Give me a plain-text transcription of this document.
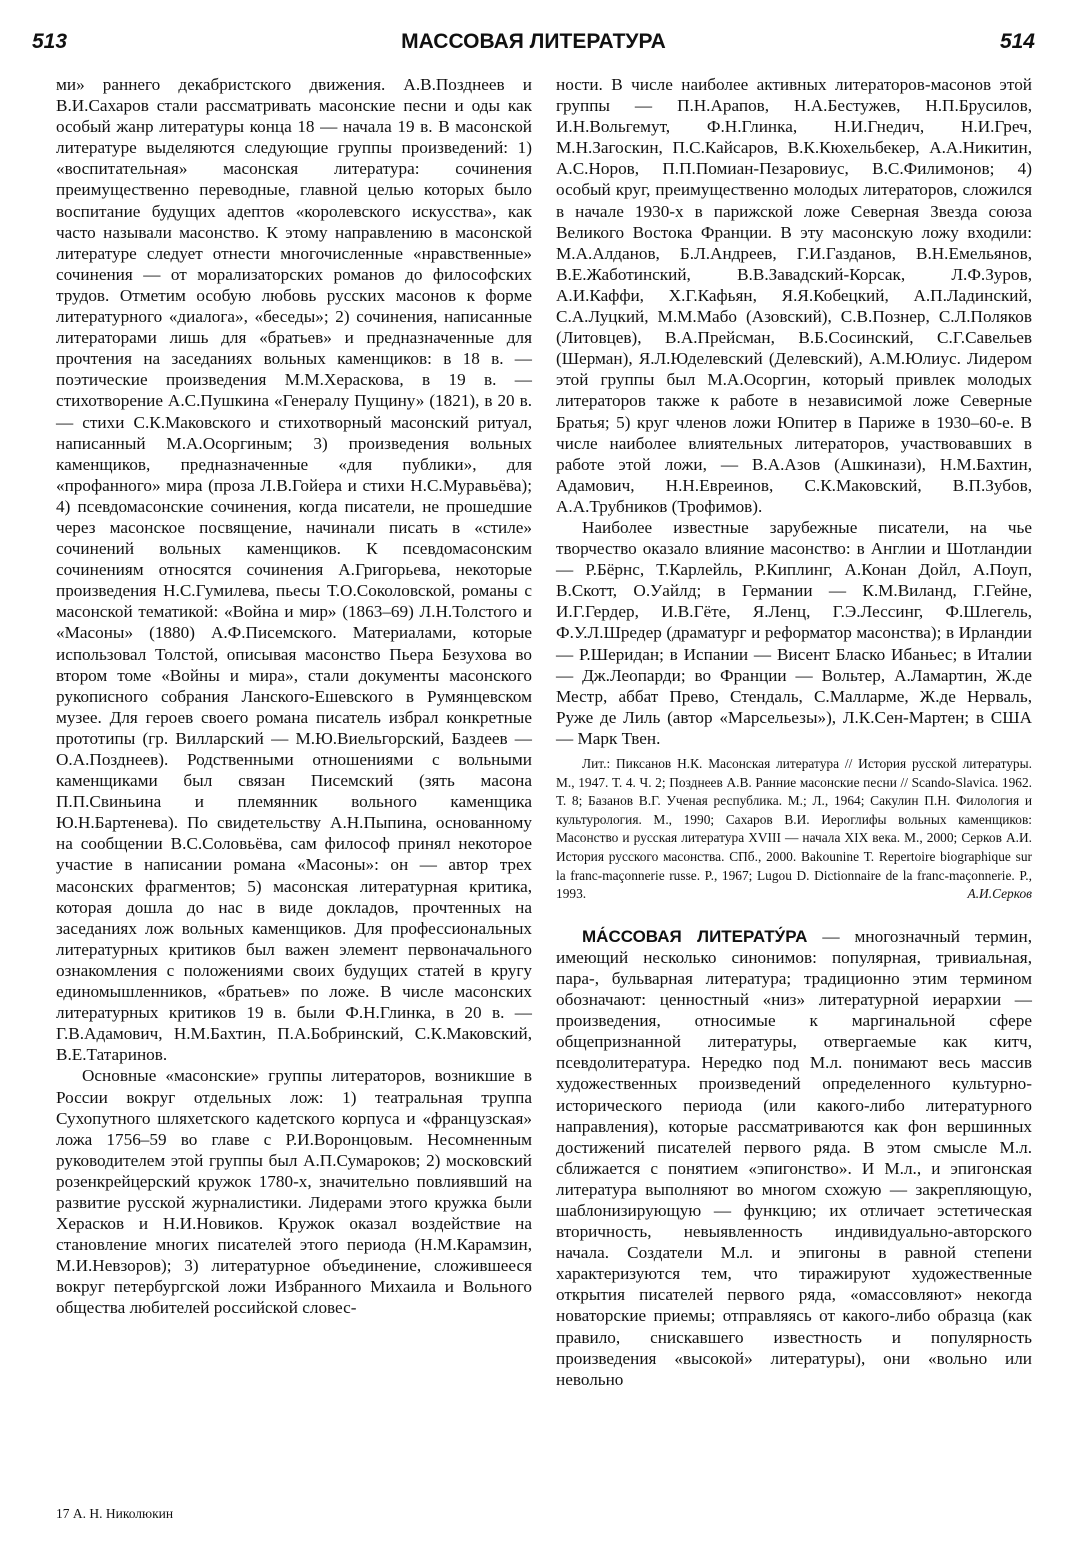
513	МАССОВАЯ ЛИТЕРАТУРА	514

ми» раннего декабристского движения. А.В.Позднеев и В.И.Сахаров стали рассматривать масонские песни и оды как особый жанр литературы конца 18 — начала 19 в. В масонской литературе выделяются следующие группы произведений: 1) «воспитательная» масонская литература: сочинения преимущественно переводные, главной целью которых было воспитание будущих адептов «королевского искусства», как часто называли масонство. К этому направлению в масонской литературе следует отнести многочисленные «нравственные» сочинения — от морализаторских романов до философских трудов. Отметим особую любовь русских масонов к форме литературного «диалога», «беседы»; 2) сочинения, написанные литераторами лишь для «братьев» и предназначенные для прочтения на заседаниях вольных каменщиков: в 18 в. — поэтические произведения М.М.Хераскова, в 19 в. — стихотворение А.С.Пушкина «Генералу Пущину» (1821), в 20 в. — стихи С.К.Маковского и стихотворный масонский ритуал, написанный М.А.Осоргиным; 3) произведения вольных каменщиков, предназначенные «для публики», для «профанного» мира (проза Л.В.Гойера и стихи Н.С.Муравьёва); 4) псевдомасонские сочинения, когда писатели, не прошедшие через масонское посвящение, начинали писать в «стиле» сочинений вольных каменщиков. К псевдомасонским сочинениям относятся сочинения А.Григорьева, некоторые произведения Н.С.Гумилева, пьесы Т.О.Соколовской, романы с масонской тематикой: «Война и мир» (1863–69) Л.Н.Толстого и «Масоны» (1880) А.Ф.Писемского. Материалами, которые использовал Толстой, описывая масонство Пьера Безухова во втором томе «Войны и мира», стали документы масонского рукописного собрания Ланского-Ешевского в Румянцевском музее. Для героев своего романа писатель избрал конкретные прототипы (гр. Вилларский — М.Ю.Виельгорский, Баздеев — О.А.Позднеев). Родственными отношениями с вольными каменщиками был связан Писемский (зять масона П.П.Свиньина и племянник вольного каменщика Ю.Н.Бартенева). По свидетельству А.Н.Пыпина, основанному на сообщении В.С.Соловьёва, сам философ принял некоторое участие в написании романа «Масоны»: он — автор трех масонских фрагментов; 5) масонская литературная критика, которая дошла до нас в виде докладов, прочтенных на заседаниях лож вольных каменщиков. Для профессиональных литературных критиков был важен элемент первоначального ознакомления с положениями своих будущих статей в кругу единомышленников, «братьев» по ложе. В числе масонских литературных критиков 19 в. были Ф.Н.Глинка, в 20 в. — Г.В.Адамович, Н.М.Бахтин, П.А.Бобринский, С.К.Маковский, В.Е.Татаринов.

Основные «масонские» группы литераторов, возникшие в России вокруг отдельных лож: 1) театральная труппа Сухопутного шляхетского кадетского корпуса и «французская» ложа 1756–59 во главе с Р.И.Воронцовым. Несомненным руководителем этой группы был А.П.Сумароков; 2) московский розенкрейцерский кружок 1780-х, значительно повлиявший на развитие русской журналистики. Лидерами этого кружка были Херасков и Н.И.Новиков. Кружок оказал воздействие на становление многих писателей этого периода (Н.М.Карамзин, М.И.Невзоров); 3) литературное объединение, сложившееся вокруг петербургской ложи Избранного Михаила и Вольного общества любителей российской словес-

ности. В числе наиболее активных литераторов-масонов этой группы — П.Н.Арапов, Н.А.Бестужев, Н.П.Брусилов, И.Н.Вольгемут, Ф.Н.Глинка, Н.И.Гнедич, Н.И.Греч, М.Н.Загоскин, П.С.Кайсаров, В.К.Кюхельбекер, А.А.Никитин, А.С.Норов, П.П.Помиан-Пезаровиус, В.С.Филимонов; 4) особый круг, преимущественно молодых литераторов, сложился в начале 1930-х в парижской ложе Северная Звезда союза Великого Востока Франции. В эту масонскую ложу входили: М.А.Алданов, Б.Л.Андреев, Г.И.Газданов, В.Н.Емельянов, В.Е.Жаботинский, В.В.Завадский-Корсак, Л.Ф.Зуров, А.И.Каффи, Х.Г.Кафьян, Я.Я.Кобецкий, А.П.Ладинский, С.А.Луцкий, М.М.Мабо (Азовский), С.В.Познер, С.Л.Поляков (Литовцев), В.А.Прейсман, В.Б.Сосинский, С.Г.Савельев (Шерман), Я.Л.Юделевский (Делевский), А.М.Юлиус. Лидером этой группы был М.А.Осоргин, который привлек молодых литераторов также к работе в независимой ложе Северные Братья; 5) круг членов ложи Юпитер в Париже в 1930–60-е. В числе наиболее влиятельных литераторов, участвовавших в работе этой ложи, — В.А.Азов (Ашкинази), Н.М.Бахтин, Адамович, Н.Н.Евреинов, С.К.Маковский, В.П.Зубов, А.А.Трубников (Трофимов).

Наиболее известные зарубежные писатели, на чье творчество оказало влияние масонство: в Англии и Шотландии — Р.Бёрнс, Т.Карлейль, Р.Киплинг, А.Конан Дойл, А.Поуп, В.Скотт, О.Уайлд; в Германии — К.М.Виланд, Г.Гейне, И.Г.Гердер, И.В.Гёте, Я.Ленц, Г.Э.Лессинг, Ф.Шлегель, Ф.У.Л.Шредер (драматург и реформатор масонства); в Ирландии — Р.Шеридан; в Испании — Висент Бласко Ибаньес; в Италии — Дж.Леопарди; во Франции — Вольтер, А.Ламартин, Ж.де Местр, аббат Прево, Стендаль, С.Малларме, Ж.де Нерваль, Руже де Лиль (автор «Марсельезы»), Л.К.Сен-Мартен; в США — Марк Твен.

Лит.: Пиксанов Н.К. Масонская литература // История русской литературы. М., 1947. Т. 4. Ч. 2; Позднеев А.В. Ранние масонские песни // Scando-Slavica. 1962. Т. 8; Базанов В.Г. Ученая республика. М.; Л., 1964; Сакулин П.Н. Филология и культурология. М., 1990; Сахаров В.И. Иероглифы вольных каменщиков: Масонство и русская литература XVIII — начала XIX века. М., 2000; Серков А.И. История русского масонства. СПб., 2000. Bakounine T. Repertoire biographique sur la franc-maçonnerie russe. P., 1967; Lugou D. Dictionnaire de la franc-maçonnerie. P., 1993.	А.И.Серков

МА́ССОВАЯ ЛИТЕРАТУ́РА — многозначный термин, имеющий несколько синонимов: популярная, тривиальная, пара-, бульварная литература; традиционно этим термином обозначают: ценностный «низ» литературной иерархии — произведения, относимые к маргинальной сфере общепризнанной литературы, отвергаемые как китч, псевдолитература. Нередко под М.л. понимают весь массив художественных произведений определенного культурно-исторического периода (или какого-либо литературного направления), которые рассматриваются как фон вершинных достижений писателей первого ряда. В этом смысле М.л. сближается с понятием «эпигонство». И М.л., и эпигонская литература выполняют во многом схожую — закрепляющую, шаблонизирующую — функцию; их отличает эстетическая вторичность, невыявленность индивидуально-авторского начала. Создатели М.л. и эпигоны в равной степени характеризуются тем, что тиражируют художественные открытия писателей первого ряда, «омассовляют» некогда новаторские приемы; отправляясь от какого-либо образца (как правило, снискавшего известность и популярность произведения «высокой» литературы), они «вольно или невольно

17 А. Н. Николюкин
